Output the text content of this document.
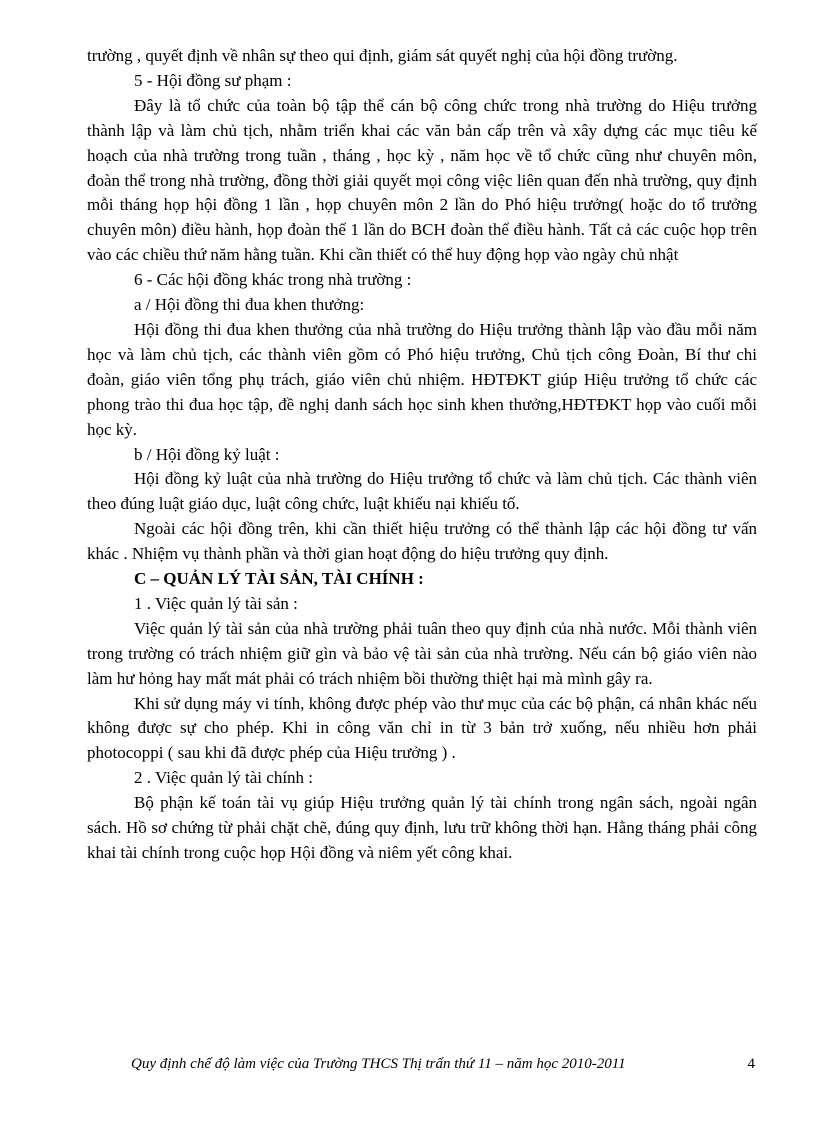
trường , quyết định về nhân sự theo qui định, giám sát quyết nghị của hội đồng trường.

5 - Hội đồng sư phạm :

Đây là tổ chức của toàn bộ tập thể cán bộ công chức trong nhà trường do Hiệu trưởng thành lập và làm chủ tịch, nhằm triển khai các văn bản cấp trên và xây dựng các mục tiêu kế hoạch của nhà trường trong tuần , tháng , học kỳ , năm học về tổ chức cũng như chuyên môn, đoàn thể trong nhà trường, đồng thời giải quyết mọi công việc liên quan đến nhà trường, quy định mỗi tháng họp hội đồng 1 lần , họp chuyên môn 2 lần do Phó hiệu trưởng( hoặc do tổ trưởng chuyên môn) điều hành, họp đoàn thể 1 lần do BCH đoàn thể điều hành. Tất cả các cuộc họp trên vào các chiều thứ năm hằng tuần. Khi cần thiết có thể huy động họp vào ngày chủ nhật

6 - Các hội đồng khác trong nhà trường :

a / Hội đồng thi đua khen thưởng:

Hội đồng thi đua khen thưởng của nhà trường do Hiệu trưởng thành lập vào đầu mỗi năm học và làm chủ tịch, các thành viên gồm có Phó hiệu trưởng, Chủ tịch công Đoàn, Bí thư chi đoàn, giáo viên tổng phụ trách, giáo viên chủ nhiệm. HĐTĐKT giúp Hiệu trưởng tổ chức các phong trào thi đua học tập, đề nghị danh sách học sinh khen thưởng,HĐTĐKT họp vào cuối mỗi học kỳ.

b / Hội đồng kỷ luật :

Hội đồng kỷ luật của nhà trường do Hiệu trưởng tổ chức và làm chủ tịch. Các thành viên theo đúng luật giáo dục, luật công chức, luật khiếu nại khiếu tố.

Ngoài các hội đồng trên, khi cần thiết hiệu trưởng có thể thành lập các hội đồng tư vấn khác . Nhiệm vụ thành phần và thời gian hoạt động do hiệu trưởng quy định.

C – QUẢN LÝ TÀI SẢN, TÀI CHÍNH :

1 . Việc quản lý tài sản :

Việc quản lý tài sản của nhà trường phải tuân theo quy định của nhà nước. Mỗi thành viên trong trường có trách nhiệm giữ gìn và bảo vệ tài sản của nhà trường. Nếu cán bộ giáo viên nào làm hư hỏng hay mất mát phải có trách nhiệm bồi thường thiệt hại mà mình gây ra.

Khi sử dụng máy vi tính, không được phép vào thư mục của các bộ phận, cá nhân khác nếu không được sự cho phép. Khi in công văn chỉ in từ 3 bản trở xuống, nếu nhiều hơn phải photocoppi ( sau khi đã được phép của Hiệu trưởng ) .

2 . Việc quản lý tài chính :

Bộ phận kế toán tài vụ giúp Hiệu trưởng quản lý tài chính trong ngân sách, ngoài ngân sách. Hồ sơ chứng từ phải chặt chẽ, đúng quy định, lưu trữ không thời hạn. Hằng tháng phải công khai tài chính trong cuộc họp Hội đồng và niêm yết công khai.

Quy định chế độ làm việc của Trường THCS Thị trấn thứ 11 – năm học 2010-2011	4
